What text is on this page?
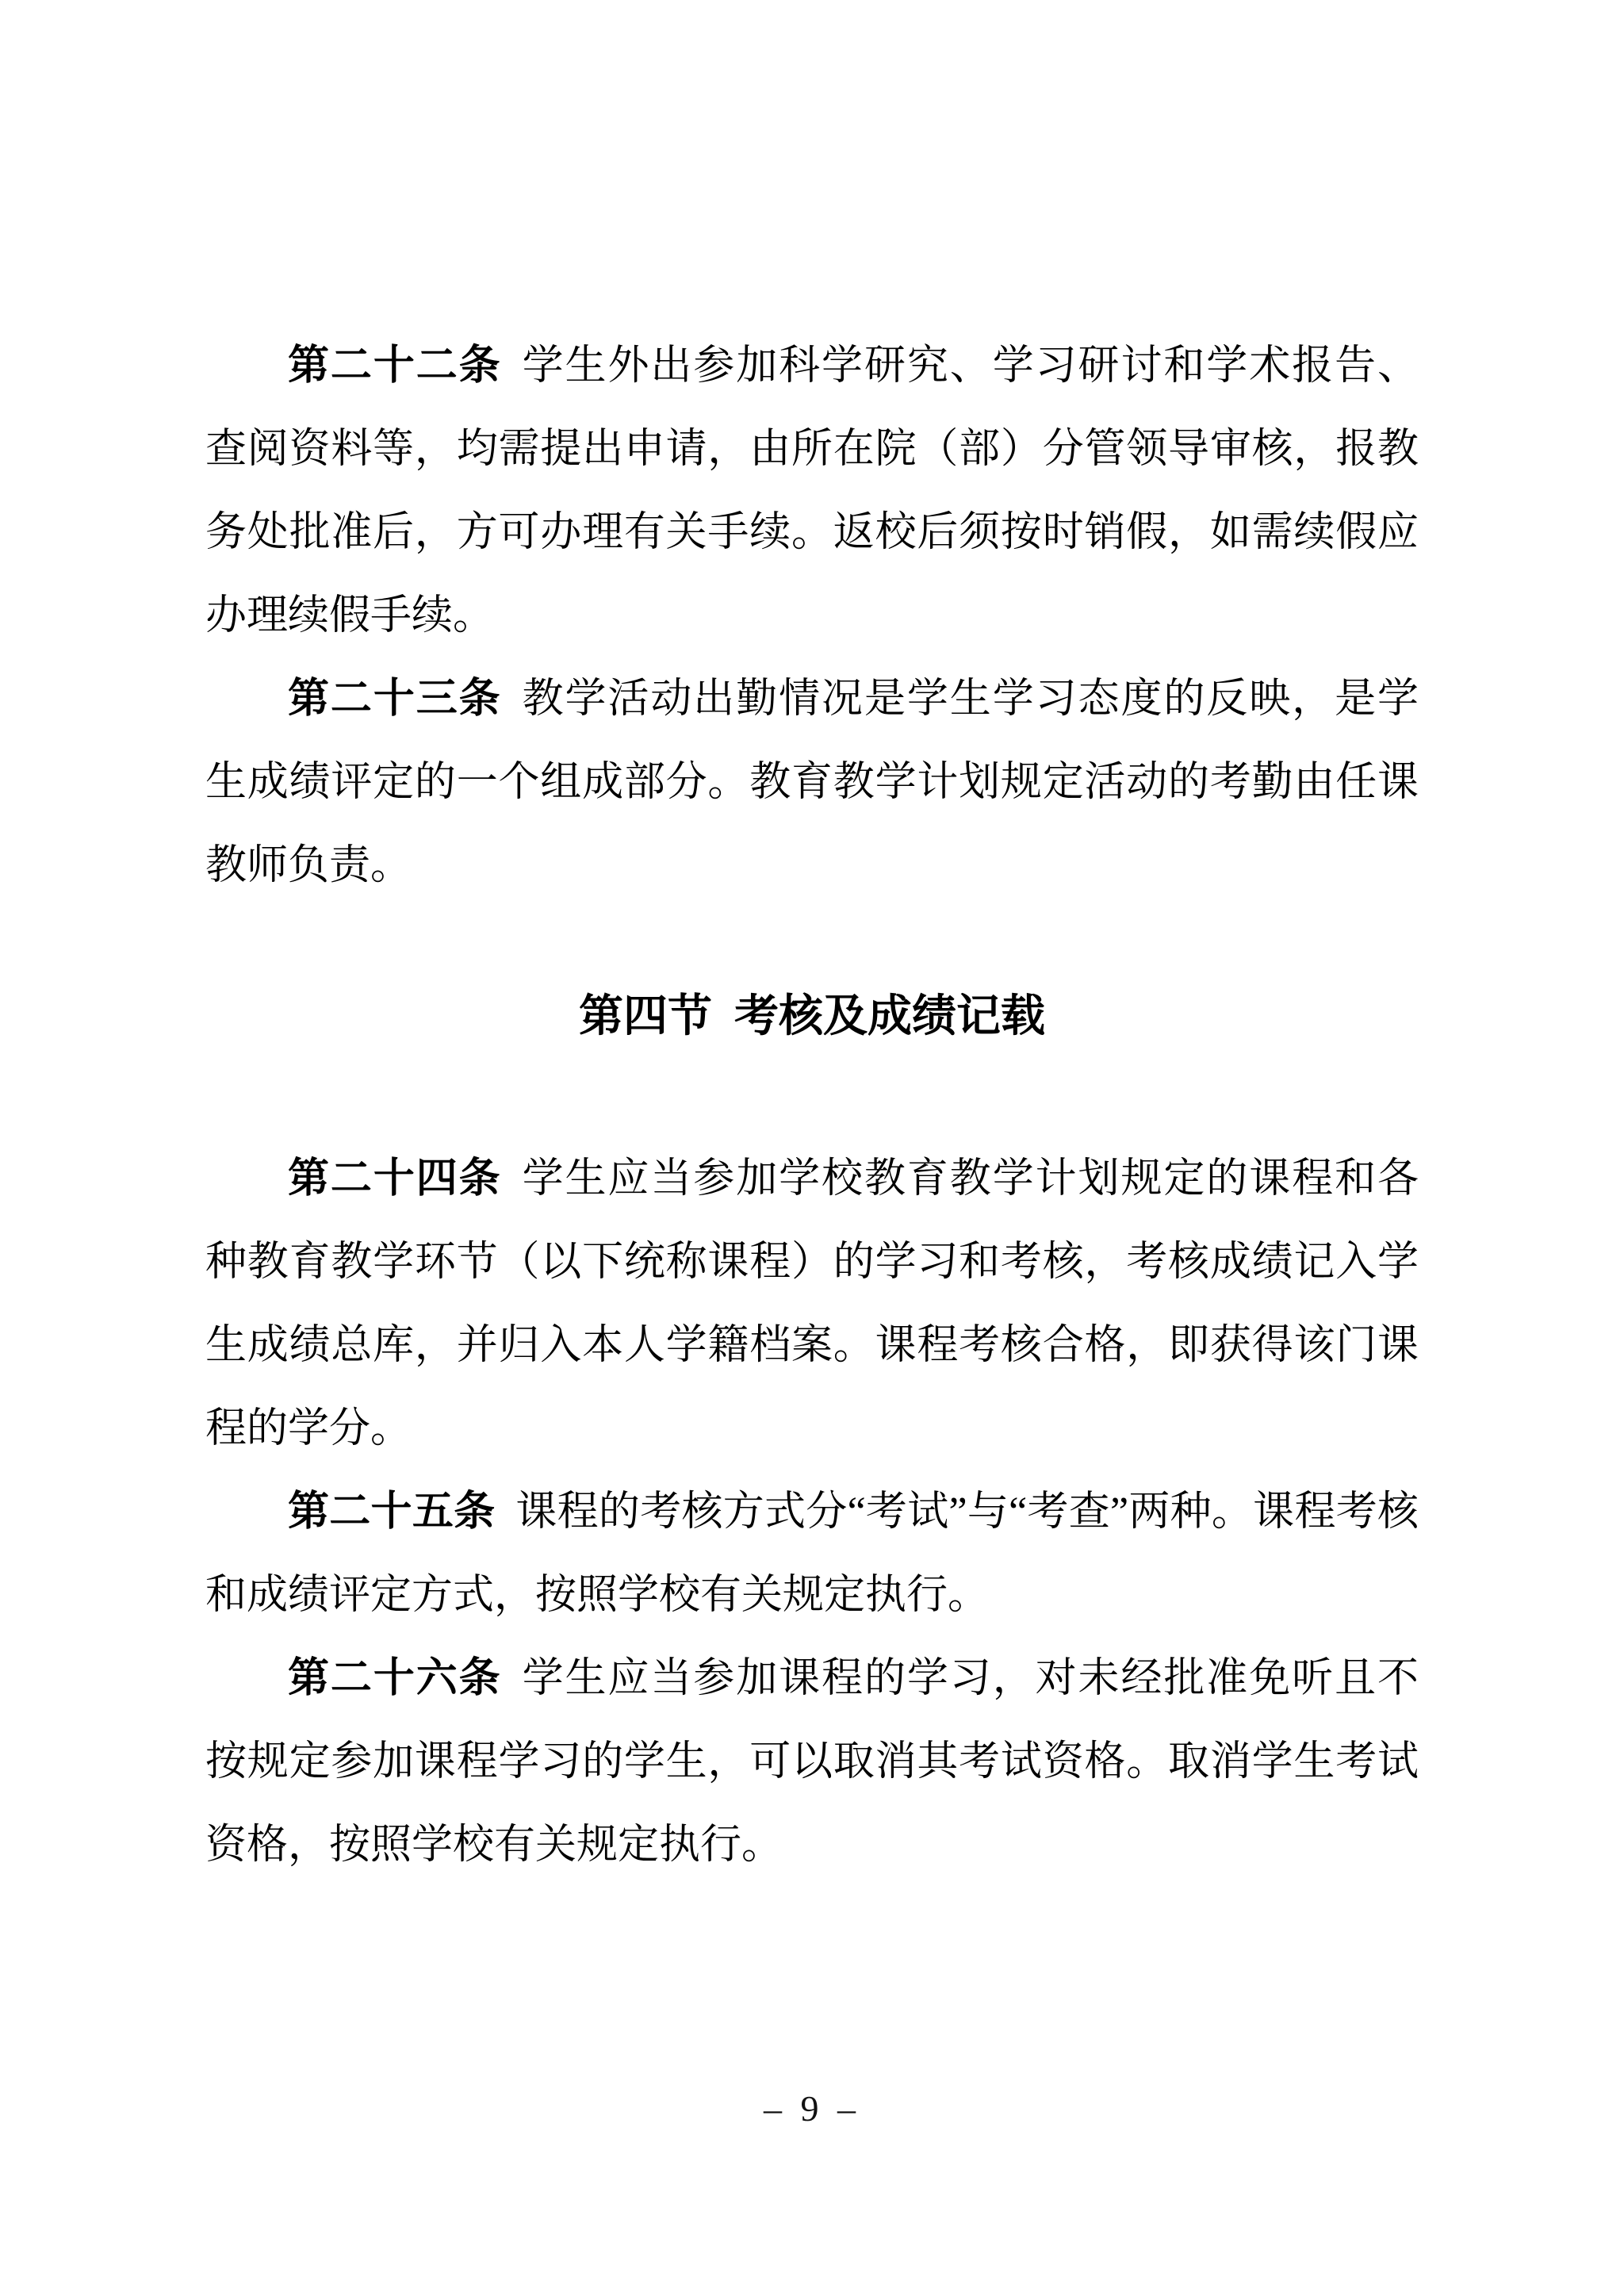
第二十二条 学生外出参加科学研究、学习研讨和学术报告、查阅资料等，均需提出申请，由所在院（部）分管领导审核，报教务处批准后，方可办理有关手续。返校后须按时销假，如需续假应办理续假手续。

第二十三条 教学活动出勤情况是学生学习态度的反映，是学生成绩评定的一个组成部分。教育教学计划规定活动的考勤由任课教师负责。

第四节 考核及成绩记载

第二十四条 学生应当参加学校教育教学计划规定的课程和各种教育教学环节（以下统称课程）的学习和考核，考核成绩记入学生成绩总库，并归入本人学籍档案。课程考核合格，即获得该门课程的学分。

第二十五条 课程的考核方式分“考试”与“考查”两种。课程考核和成绩评定方式，按照学校有关规定执行。

第二十六条 学生应当参加课程的学习，对未经批准免听且不按规定参加课程学习的学生，可以取消其考试资格。取消学生考试资格，按照学校有关规定执行。

– 9 –
